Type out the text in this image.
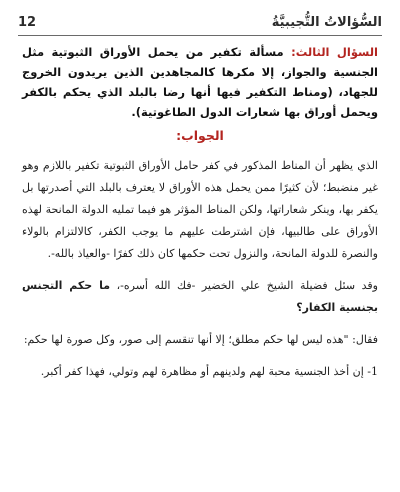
السُّؤالاتُ التُّجيبيَّةُ
12
السؤال الثالث: مسألة تكفير من يحمل الأوراق الثبوتية مثل الجنسية والجواز، إلا مكرها كالمجاهدين الذين يريدون الخروج للجهاد، (ومناط التكفير فيها أنها رضا بالبلد الذي يحكم بالكفر ويحمل أوراق بها شعارات الدول الطاغوتية).
الجواب:

الذي يظهر أن المناط المذكور في كفر حامل الأوراق الثبوتية تكفير باللازم وهو غير منضبط؛ لأن كثيرًا ممن يحمل هذه الأوراق لا يعترف بالبلد التي أصدرتها بل يكفر بها، وينكر شعاراتها، ولكن المناط المؤثر هو فيما تمليه الدولة المانحة لهذه الأوراق على طالبيها، فإن اشترطت عليهم ما يوجب الكفر، كالالتزام بالولاء والنصرة للدولة المانحة، والنزول تحت حكمها كان ذلك كفرًا -والعياذ بالله-.

وقد سئل فضيلة الشيخ علي الخضير -فك الله أسره-، ما حكم التجنس بجنسية الكفار؟

فقال: "هذه ليس لها حكم مطلق؛ إلا أنها تنقسم إلى صور، وكل صورة لها حكم:

1- إن أخذ الجنسية محبة لهم ولدينهم أو مظاهرة لهم وتولي، فهذا كفر أكبر.
